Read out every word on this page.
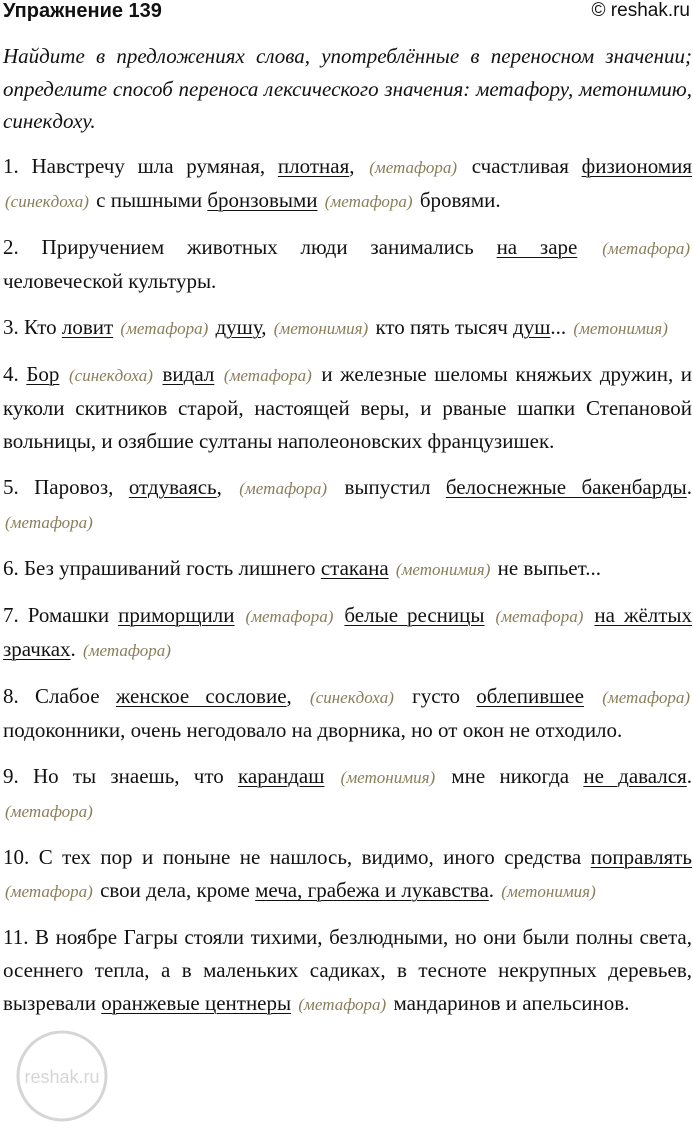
Упражнение 139	© reshak.ru
Найдите в предложениях слова, употреблённые в переносном значении; определите способ переноса лексического значения: метафору, метонимию, синекдоху.
1. Навстречу шла румяная, плотная, (метафора) счастливая физиономия (синекдоха) с пышными бронзовыми (метафора) бровями.
2. Приручением животных люди занимались на заре (метафора) человеческой культуры.
3. Кто ловит (метафора) душу, (метонимия) кто пять тысяч душ... (метонимия)
4. Бор (синекдоха) видал (метафора) и железные шеломы княжьих дружин, и куколи скитников старой, настоящей веры, и рваные шапки Степановой вольницы, и озябшие султаны наполеоновских французишек.
5. Паровоз, отдуваясь, (метафора) выпустил белоснежные бакенбарды. (метафора)
6. Без упрашиваний гость лишнего стакана (метонимия) не выпьет...
7. Ромашки приморщили (метафора) белые ресницы (метафора) на жёлтых зрачках. (метафора)
8. Слабое женское сословие, (синекдоха) густо облепившее (метафора) подоконники, очень негодовало на дворника, но от окон не отходило.
9. Но ты знаешь, что карандаш (метонимия) мне никогда не давался. (метафора)
10. С тех пор и поныне не нашлось, видимо, иного средства поправлять (метафора) свои дела, кроме меча, грабежа и лукавства. (метонимия)
11. В ноябре Гагры стояли тихими, безлюдными, но они были полны света, осеннего тепла, а в маленьких садиках, в тесноте некрупных деревьев, вызревали оранжевые центнеры (метафора) мандаринов и апельсинов.
reshak.ru
